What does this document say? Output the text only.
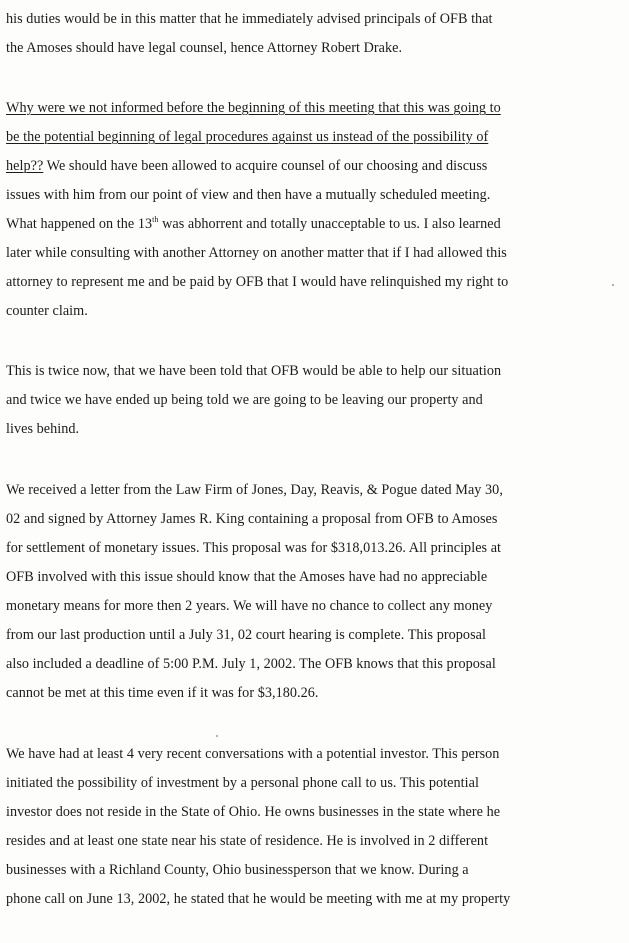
his duties would be in this matter that he immediately advised principals of OFB that
the Amoses should have legal counsel, hence Attorney Robert Drake.
Why were we not informed before the beginning of this meeting that this was going to
be the potential beginning of legal procedures against us instead of the possibility of
help?? We should have been allowed to acquire counsel of our choosing and discuss
issues with him from our point of view and then have a mutually scheduled meeting.
What happened on the 13th was abhorrent and totally unacceptable to us. I also learned
later while consulting with another Attorney on another matter that if I had allowed this
attorney to represent me and be paid by OFB that I would have relinquished my right to
counter claim.
This is twice now, that we have been told that OFB would be able to help our situation
and twice we have ended up being told we are going to be leaving our property and
lives behind.
We received a letter from the Law Firm of Jones, Day, Reavis, & Pogue dated May 30,
02 and signed by Attorney James R. King containing a proposal from OFB to Amoses
for settlement of monetary issues. This proposal was for $318,013.26. All principles at
OFB involved with this issue should know that the Amoses have had no appreciable
monetary means for more then 2 years. We will have no chance to collect any money
from our last production until a July 31, 02 court hearing is complete. This proposal
also included a deadline of 5:00 P.M. July 1, 2002. The OFB knows that this proposal
cannot be met at this time even if it was for $3,180.26.
We have had at least 4 very recent conversations with a potential investor. This person
initiated the possibility of investment by a personal phone call to us. This potential
investor does not reside in the State of Ohio. He owns businesses in the state where he
resides and at least one state near his state of residence. He is involved in 2 different
businesses with a Richland County, Ohio businessperson that we know. During a
phone call on June 13, 2002, he stated that he would be meeting with me at my property
